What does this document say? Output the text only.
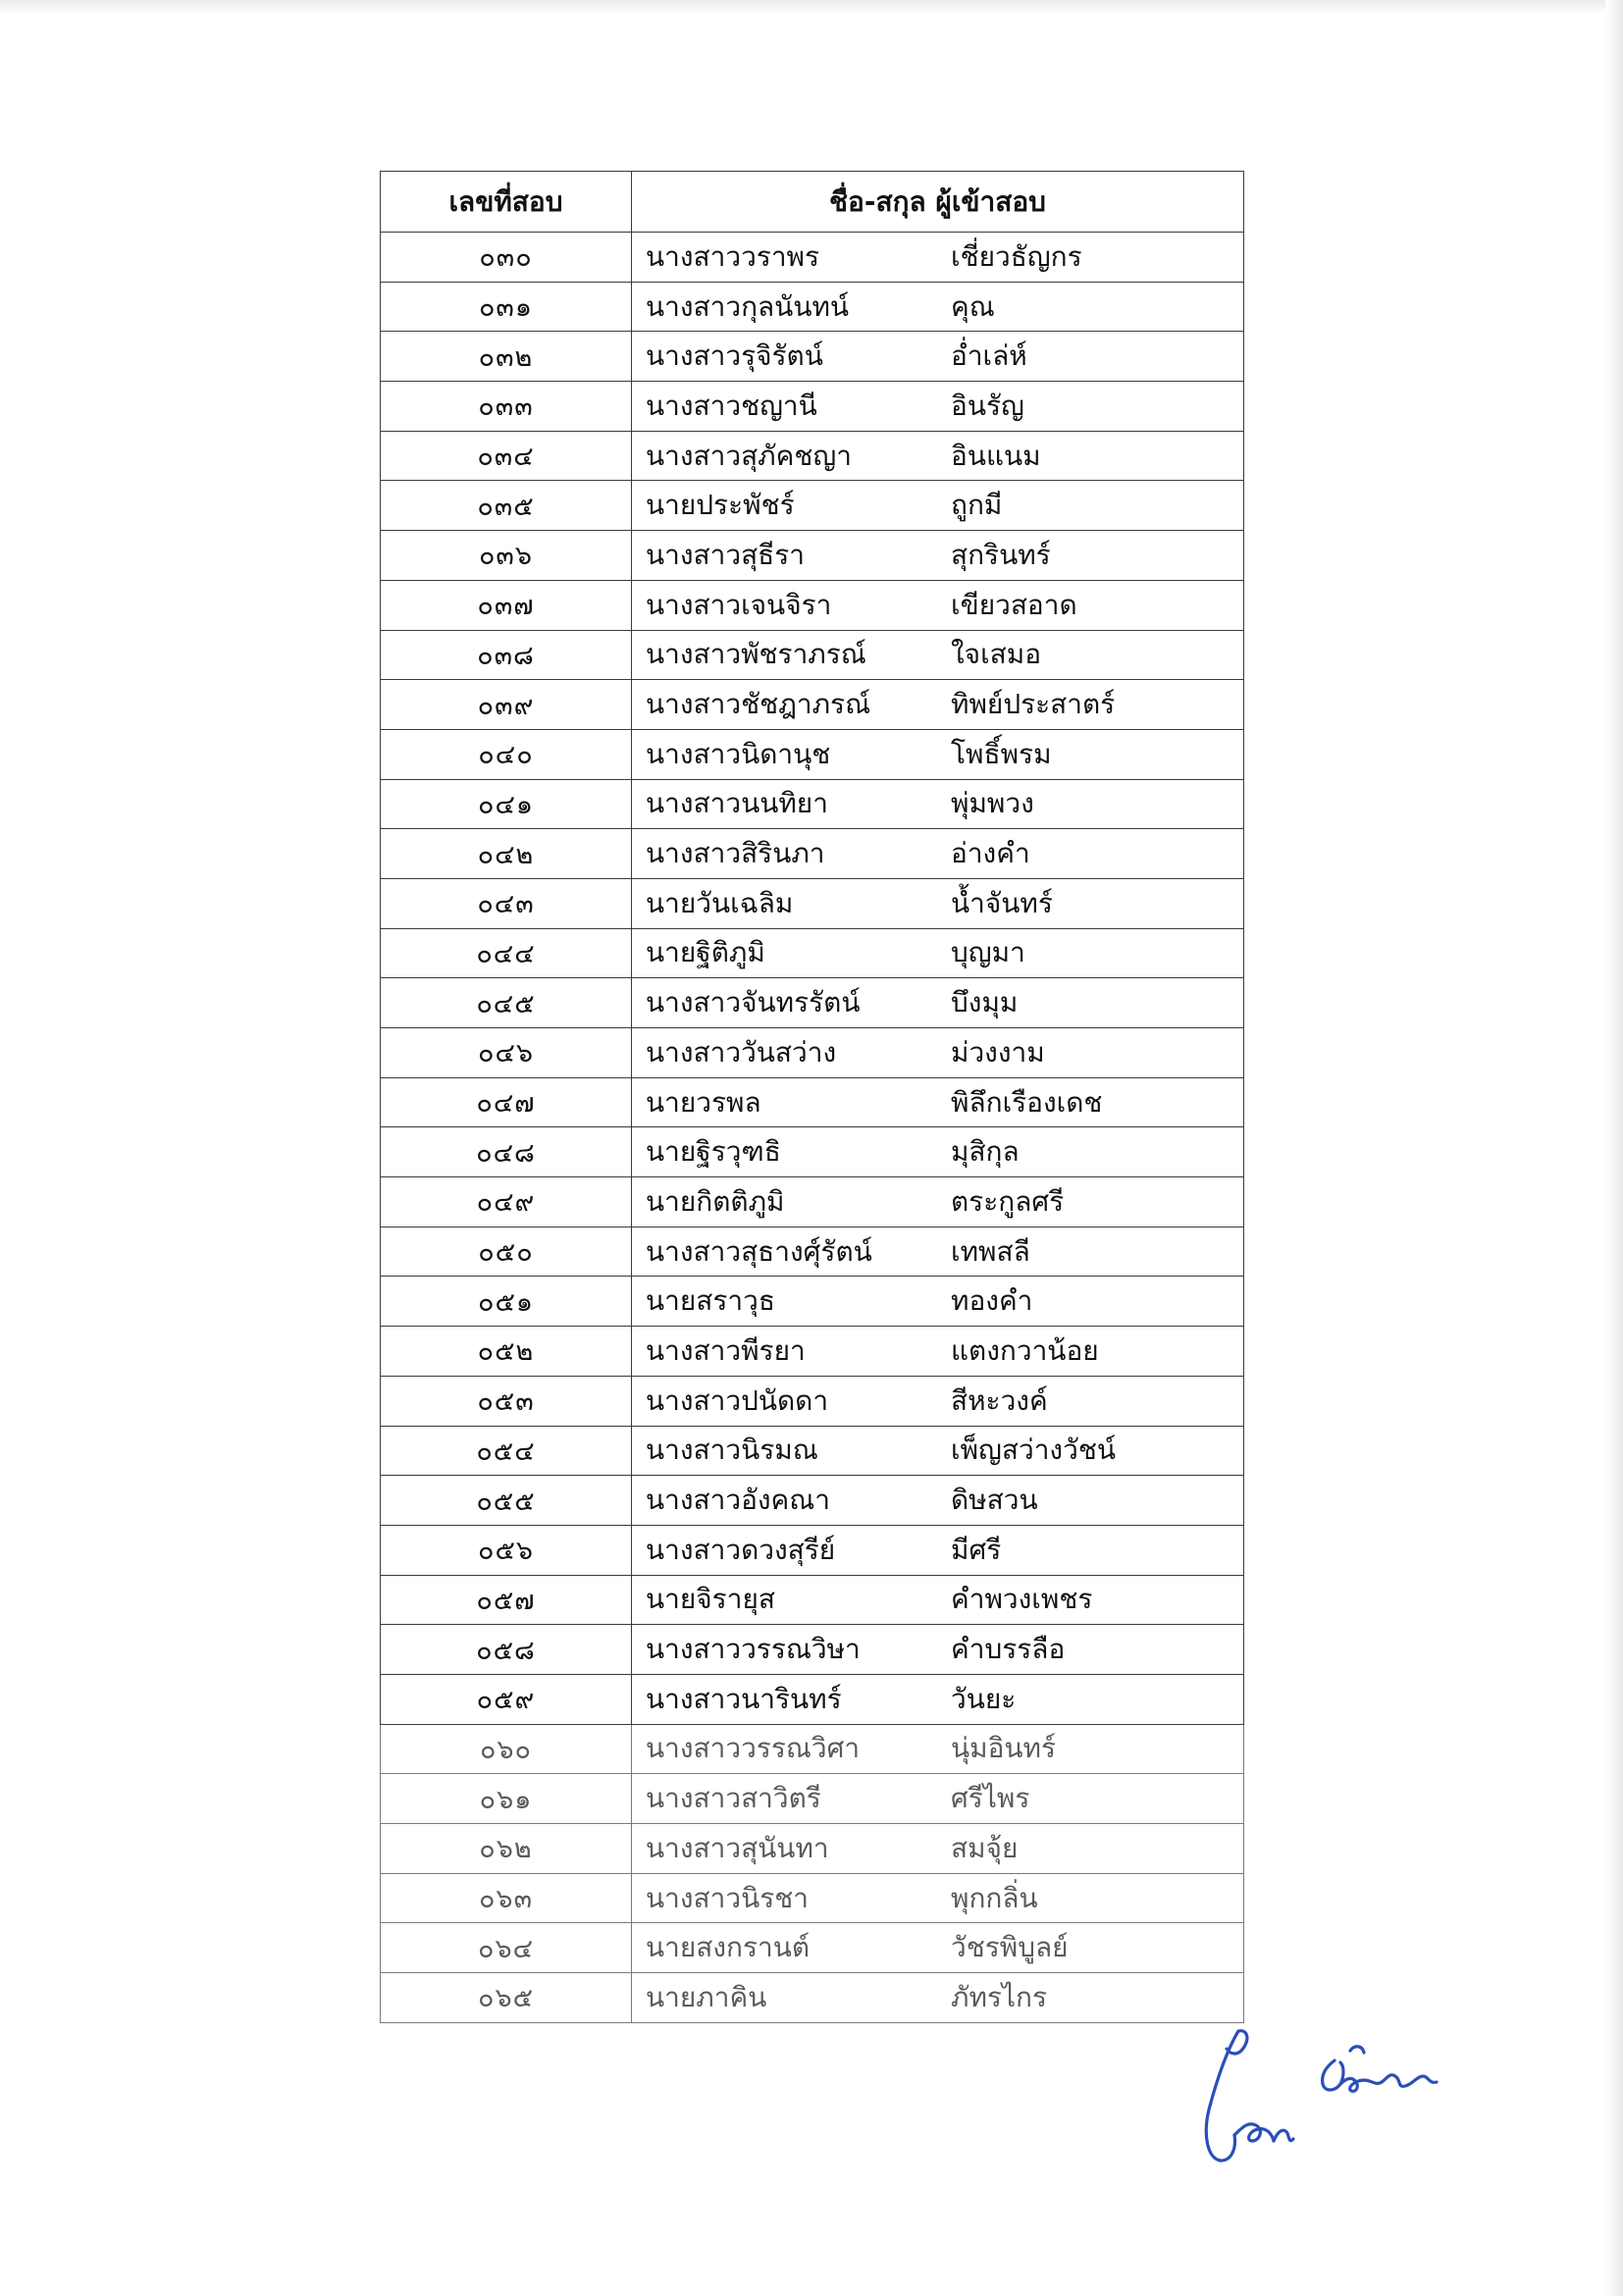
เลขที่สอบ	ชื่อ-สกุล ผู้เข้าสอบ
๐๓๐	นางสาววราพร เชี่ยวธัญกร
๐๓๑	นางสาวกุลนันทน์ คุณ
๐๓๒	นางสาวรุจิรัตน์ อ่ำเล่ห์
๐๓๓	นางสาวชญานี อินรัญ
๐๓๔	นางสาวสุภัคชญา อินแนม
๐๓๕	นายประพัชร์ ถูกมี
๐๓๖	นางสาวสุธีรา สุกรินทร์
๐๓๗	นางสาวเจนจิรา เขียวสอาด
๐๓๘	นางสาวพัชราภรณ์ ใจเสมอ
๐๓๙	นางสาวชัชฎาภรณ์ ทิพย์ประสาตร์
๐๔๐	นางสาวนิดานุช โพธิ์พรม
๐๔๑	นางสาวนนทิยา พุ่มพวง
๐๔๒	นางสาวสิรินภา อ่างคำ
๐๔๓	นายวันเฉลิม น้ำจันทร์
๐๔๔	นายฐิติภูมิ บุญมา
๐๔๕	นางสาวจันทรรัตน์ บึงมุม
๐๔๖	นางสาววันสว่าง ม่วงงาม
๐๔๗	นายวรพล พิลึกเรืองเดช
๐๔๘	นายฐิรวุฑธิ มุสิกุล
๐๔๙	นายกิตติภูมิ ตระกูลศรี
๐๕๐	นางสาวสุธางศุ์รัตน์ เทพสลี
๐๕๑	นายสราวุธ ทองคำ
๐๕๒	นางสาวพีรยา แตงกวาน้อย
๐๕๓	นางสาวปนัดดา สีหะวงค์
๐๕๔	นางสาวนิรมณ เพ็ญสว่างวัชน์
๐๕๕	นางสาวอังคณา ดิษสวน
๐๕๖	นางสาวดวงสุรีย์ มีศรี
๐๕๗	นายจิรายุส คำพวงเพชร
๐๕๘	นางสาววรรณวิษา คำบรรลือ
๐๕๙	นางสาวนารินทร์ วันยะ
๐๖๐	นางสาววรรณวิศา นุ่มอินทร์
๐๖๑	นางสาวสาวิตรี ศรีไพร
๐๖๒	นางสาวสุนันทา สมจุ้ย
๐๖๓	นางสาวนิรชา พุกกลิ่น
๐๖๔	นายสงกรานต์ วัชรพิบูลย์
๐๖๕	นายภาคิน ภัทรไกร
